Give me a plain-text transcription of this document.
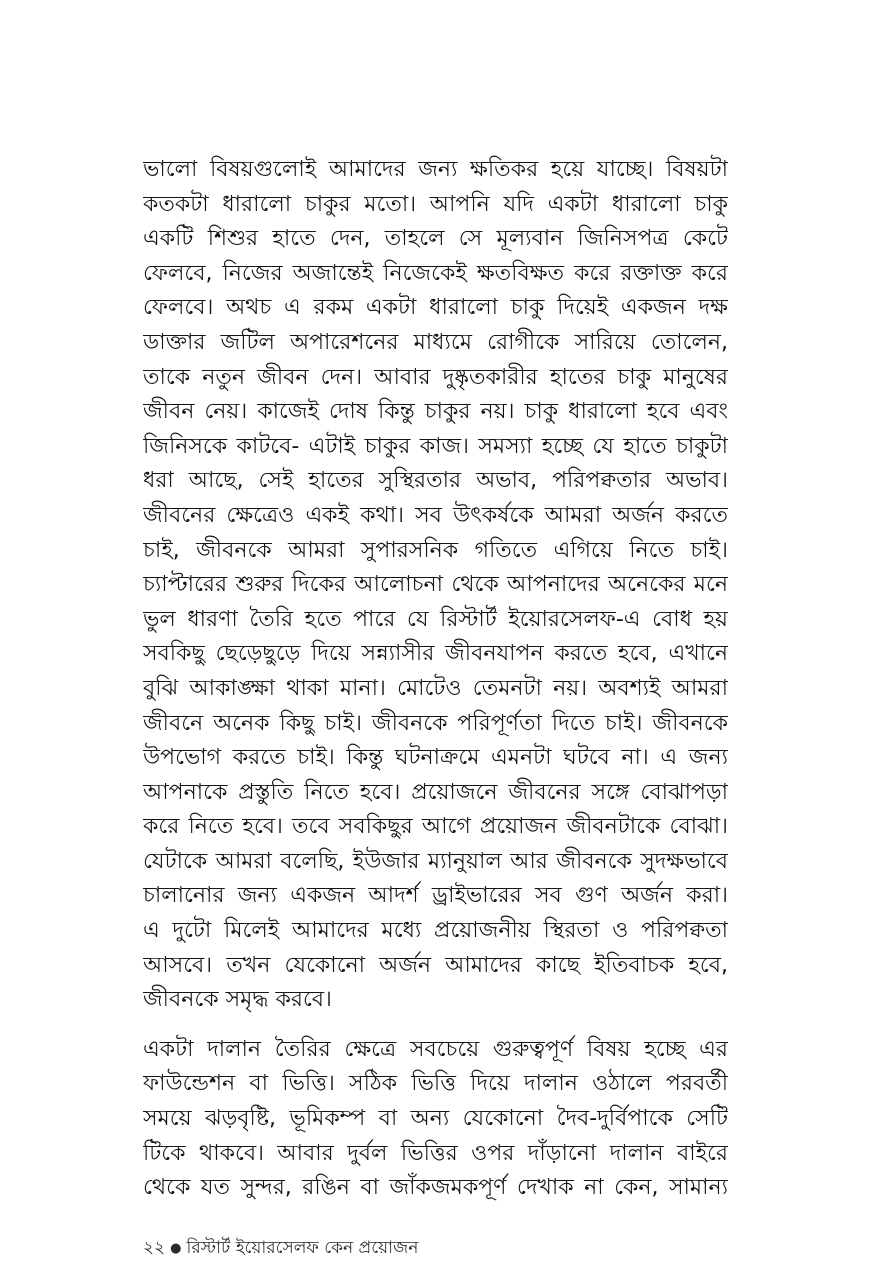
ভালো বিষয়গুলোই আমাদের জন্য ক্ষতিকর হয়ে যাচ্ছে। বিষয়টা
কতকটা ধারালো চাকুর মতো। আপনি যদি একটা ধারালো চাকু
একটি শিশুর হাতে দেন, তাহলে সে মূল্যবান জিনিসপত্র কেটে
ফেলবে, নিজের অজান্তেই নিজেকেই ক্ষতবিক্ষত করে রক্তাক্ত করে
ফেলবে। অথচ এ রকম একটা ধারালো চাকু দিয়েই একজন দক্ষ
ডাক্তার জটিল অপারেশনের মাধ্যমে রোগীকে সারিয়ে তোলেন,
তাকে নতুন জীবন দেন। আবার দুষ্কৃতকারীর হাতের চাকু মানুষের
জীবন নেয়। কাজেই দোষ কিন্তু চাকুর নয়। চাকু ধারালো হবে এবং
জিনিসকে কাটবে- এটাই চাকুর কাজ। সমস্যা হচ্ছে যে হাতে চাকুটা
ধরা আছে, সেই হাতের সুস্থিরতার অভাব, পরিপক্বতার অভাব।
জীবনের ক্ষেত্রেও একই কথা। সব উৎকর্ষকে আমরা অর্জন করতে
চাই, জীবনকে আমরা সুপারসনিক গতিতে এগিয়ে নিতে চাই।
চ্যাপ্টারের শুরুর দিকের আলোচনা থেকে আপনাদের অনেকের মনে
ভুল ধারণা তৈরি হতে পারে যে রিস্টার্ট ইয়োরসেলফ-এ বোধ হয়
সবকিছু ছেড়েছুড়ে দিয়ে সন্ন্যাসীর জীবনযাপন করতে হবে, এখানে
বুঝি আকাঙ্ক্ষা থাকা মানা। মোটেও তেমনটা নয়। অবশ্যই আমরা
জীবনে অনেক কিছু চাই। জীবনকে পরিপূর্ণতা দিতে চাই। জীবনকে
উপভোগ করতে চাই। কিন্তু ঘটনাক্রমে এমনটা ঘটবে না। এ জন্য
আপনাকে প্রস্তুতি নিতে হবে। প্রয়োজনে জীবনের সঙ্গে বোঝাপড়া
করে নিতে হবে। তবে সবকিছুর আগে প্রয়োজন জীবনটাকে বোঝা।
যেটাকে আমরা বলেছি, ইউজার ম্যানুয়াল আর জীবনকে সুদক্ষভাবে
চালানোর জন্য একজন আদর্শ ড্রাইভারের সব গুণ অর্জন করা।
এ দুটো মিলেই আমাদের মধ্যে প্রয়োজনীয় স্থিরতা ও পরিপক্বতা
আসবে। তখন যেকোনো অর্জন আমাদের কাছে ইতিবাচক হবে,
জীবনকে সমৃদ্ধ করবে।
একটা দালান তৈরির ক্ষেত্রে সবচেয়ে গুরুত্বপূর্ণ বিষয় হচ্ছে এর
ফাউন্ডেশন বা ভিত্তি। সঠিক ভিত্তি দিয়ে দালান ওঠালে পরবর্তী
সময়ে ঝড়বৃষ্টি, ভূমিকম্প বা অন্য যেকোনো দৈব-দুর্বিপাকে সেটি
টিকে থাকবে। আবার দুর্বল ভিত্তির ওপর দাঁড়ানো দালান বাইরে
থেকে যত সুন্দর, রঙিন বা জাঁকজমকপূর্ণ দেখাক না কেন, সামান্য
২২ ● রিস্টার্ট ইয়োরসেলফ কেন প্রয়োজন
